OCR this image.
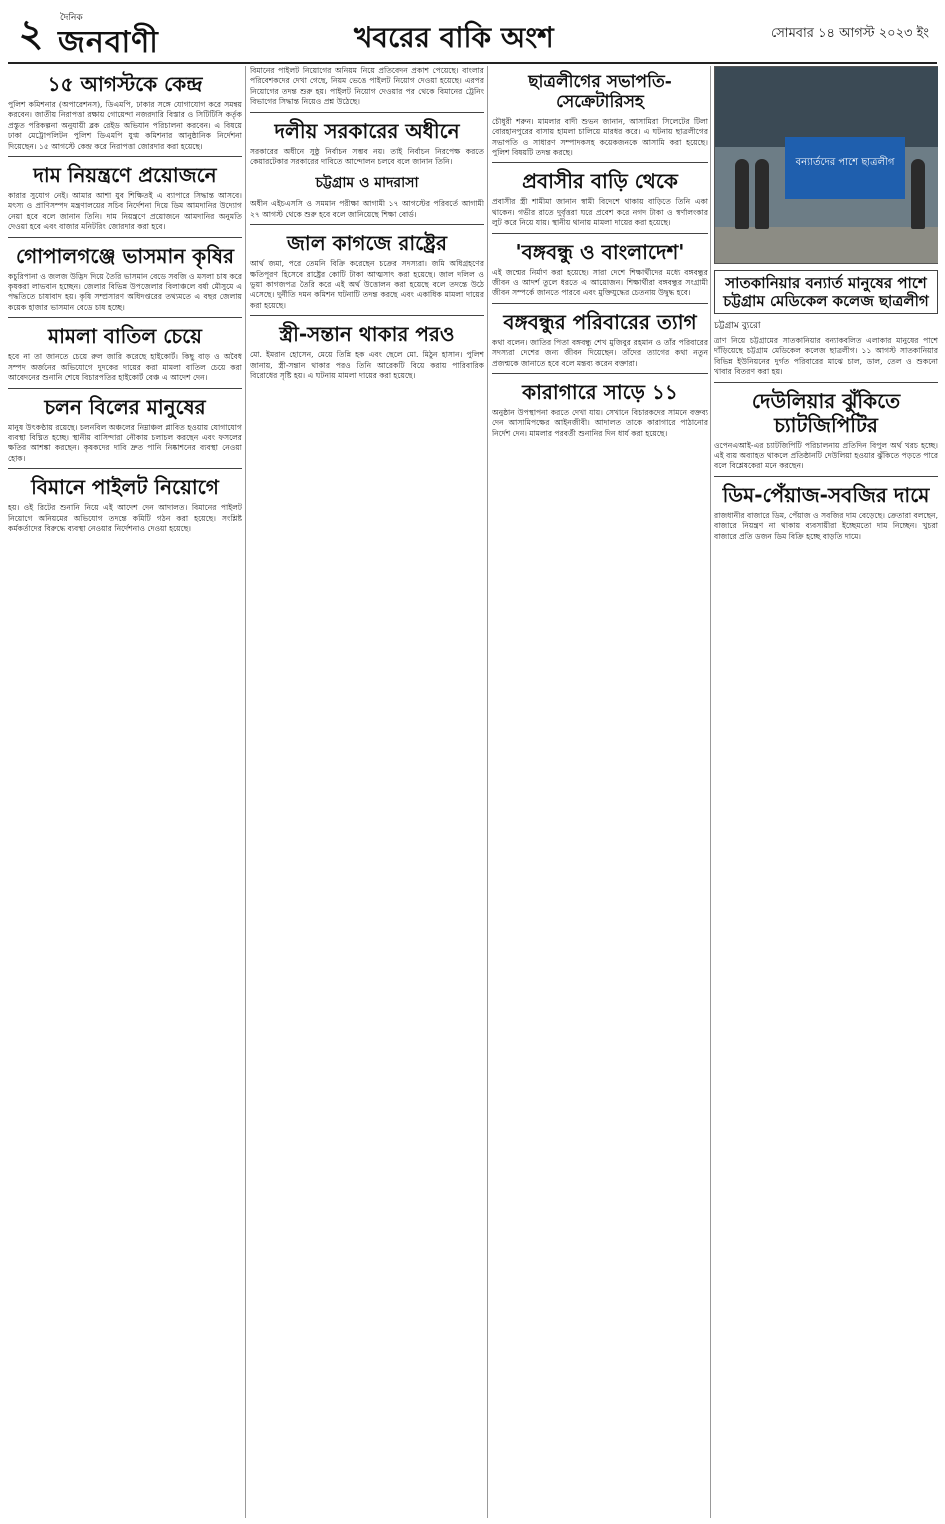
২	দৈনিক
জনবাণী	খবরের বাকি অংশ	সোমবার ১৪ আগস্ট ২০২৩ ইং
১৫ আগস্টকে কেন্দ্র

পুলিশ কমিশনার (অপারেশনস), ডিএমপি, ঢাকার সঙ্গে যোগাযোগ করে সমন্বয় করবেন। জাতীয় নিরাপত্তা রক্ষায় গোয়েন্দা নজরদারি বিস্তার ও সিটিটিসি কর্তৃক প্রস্তুত পরিকল্পনা অনুযায়ী ব্লক রেইড অভিযান পরিচালনা করবেন। এ বিষয়ে ঢাকা মেট্রোপলিটন পুলিশ ডিএমপি যুগ্ম কমিশনার আনুষ্ঠানিক নির্দেশনা দিয়েছেন। ১৫ আগস্টে কেন্দ্র করে নিরাপত্তা জোরদার করা হয়েছে।

দাম নিয়ন্ত্রণে প্রয়োজনে

কারার সুযোগ নেই। আমার আশা যুব শিক্ষিতই এ ব্যাপারে সিদ্ধান্ত আসবে। মৎস্য ও প্রাণিসম্পদ মন্ত্রণালয়ের সচিব নির্দেশনা দিয়ে ডিম আমদানির উদ্যোগ নেয়া হবে বলে জানান তিনি। দাম নিয়ন্ত্রণে প্রয়োজনে আমদানির অনুমতি দেওয়া হবে এবং বাজার মনিটরিং জোরদার করা হবে।

গোপালগঞ্জে ভাসমান কৃষির

কচুরিপানা ও জলজ উদ্ভিদ দিয়ে তৈরি ভাসমান বেডে সবজি ও মসলা চাষ করে কৃষকরা লাভবান হচ্ছেন। জেলার বিভিন্ন উপজেলার বিলাঞ্চলে বর্ষা মৌসুমে এ পদ্ধতিতে চাষাবাদ হয়। কৃষি সম্প্রসারণ অধিদপ্তরের তথ্যমতে এ বছর জেলায় কয়েক হাজার ভাসমান বেডে চাষ হচ্ছে।

মামলা বাতিল চেয়ে

হবে না তা জানতে চেয়ে রুল জারি করেছে হাইকোর্ট। কিছু বাড় ও অবৈধ সম্পদ অর্জনের অভিযোগে দুদকের দায়ের করা মামলা বাতিল চেয়ে করা আবেদনের শুনানি শেষে বিচারপতির হাইকোর্ট বেঞ্চ এ আদেশ দেন।

চলন বিলের মানুষের

মানুষ উৎকণ্ঠায় রয়েছে। চলনবিল অঞ্চলের নিম্নাঞ্চল প্লাবিত হওয়ায় যোগাযোগ ব্যবস্থা বিঘ্নিত হচ্ছে। স্থানীয় বাসিন্দারা নৌকায় চলাচল করছেন এবং ফসলের ক্ষতির আশঙ্কা করছেন। কৃষকদের দাবি দ্রুত পানি নিষ্কাশনের ব্যবস্থা নেওয়া হোক।

বিমানে পাইলট নিয়োগে

হয়। ওই রিটের শুনানি নিয়ে এই আদেশ দেন আদালত। বিমানের পাইলট নিয়োগে অনিয়মের অভিযোগ তদন্তে কমিটি গঠন করা হয়েছে। সংশ্লিষ্ট কর্মকর্তাদের বিরুদ্ধে ব্যবস্থা নেওয়ার নির্দেশনাও দেওয়া হয়েছে।

বিমানের পাইলট নিয়োগের অনিয়ম নিয়ে প্রতিবেদন প্রকাশ পেয়েছে। বাংলার পরিবেশকদের দেখা গেছে, নিয়ম ভেঙে পাইলট নিয়োগ দেওয়া হয়েছে। এরপর নিয়োগের তদন্ত শুরু হয়। পাইলট নিয়োগ দেওয়ার পর থেকে বিমানের ট্রেনিং বিভাগের সিদ্ধান্ত নিয়েও প্রশ্ন উঠেছে।

দলীয় সরকারের অধীনে

সরকারের অধীনে সুষ্ঠু নির্বাচন সম্ভব নয়। তাই নির্বাচন নিরপেক্ষ করতে কেয়ারটেকার সরকারের দাবিতে আন্দোলন চলবে বলে জানান তিনি।

চট্টগ্রাম ও মাদরাসা

অধীন এইচএসসি ও সমমান পরীক্ষা আগামী ১৭ আগস্টের পরিবর্তে আগামী ২৭ আগস্ট থেকে শুরু হবে বলে জানিয়েছে শিক্ষা বোর্ড।

জাল কাগজে রাষ্ট্রের

আর্থ জমা, পরে তেমনি বিক্রি করেছেন চক্রের সদস্যরা। জমি অধিগ্রহণের ক্ষতিপূরণ হিসেবে রাষ্ট্রের কোটি টাকা আত্মসাৎ করা হয়েছে। জাল দলিল ও ভুয়া কাগজপত্র তৈরি করে এই অর্থ উত্তোলন করা হয়েছে বলে তদন্তে উঠে এসেছে। দুর্নীতি দমন কমিশন ঘটনাটি তদন্ত করছে এবং একাধিক মামলা দায়ের করা হয়েছে।

স্ত্রী-সন্তান থাকার পরও

মো. ইমরান হোসেন, মেয়ে তিন্নি হক এবং ছেলে মো. মিঠুন হাসান। পুলিশ জানায়, স্ত্রী-সন্তান থাকার পরও তিনি আরেকটি বিয়ে করায় পারিবারিক বিরোধের সৃষ্টি হয়। এ ঘটনায় মামলা দায়ের করা হয়েছে।

ছাত্রলীগের সভাপতি-সেক্রেটারিসহ

চৌধুরী শরুন। মামলার বাদী শুভন জানান, আসামিরা সিলেটের টিলা বোরহানপুরের বাসায় হামলা চালিয়ে মারধর করে। এ ঘটনায় ছাত্রলীগের সভাপতি ও সাধারণ সম্পাদকসহ কয়েকজনকে আসামি করা হয়েছে। পুলিশ বিষয়টি তদন্ত করছে।

প্রবাসীর বাড়ি থেকে

প্রবাসীর স্ত্রী শামীমা জানান স্বামী বিদেশে থাকায় বাড়িতে তিনি একা থাকেন। গভীর রাতে দুর্বৃত্তরা ঘরে প্রবেশ করে নগদ টাকা ও স্বর্ণালংকার লুট করে নিয়ে যায়। স্থানীয় থানায় মামলা দায়ের করা হয়েছে।

'বঙ্গবন্ধু ও বাংলাদেশ'

এই জন্মের নির্মাণ করা হয়েছে। সারা দেশে শিক্ষার্থীদের মধ্যে বঙ্গবন্ধুর জীবন ও আদর্শ তুলে ধরতে এ আয়োজন। শিক্ষার্থীরা বঙ্গবন্ধুর সংগ্রামী জীবন সম্পর্কে জানতে পারবে এবং মুক্তিযুদ্ধের চেতনায় উদ্বুদ্ধ হবে।

বঙ্গবন্ধুর পরিবারের ত্যাগ

কথা বলেন। জাতির পিতা বঙ্গবন্ধু শেখ মুজিবুর রহমান ও তাঁর পরিবারের সদস্যরা দেশের জন্য জীবন দিয়েছেন। তাঁদের ত্যাগের কথা নতুন প্রজন্মকে জানাতে হবে বলে মন্তব্য করেন বক্তারা।

কারাগারে সাড়ে ১১

অনুষ্ঠান উপস্থাপনা করতে দেখা যায়। সেখানে বিচারকদের সামনে বক্তব্য দেন আসামিপক্ষের আইনজীবী। আদালত তাকে কারাগারে পাঠানোর নির্দেশ দেন। মামলার পরবর্তী শুনানির দিন ধার্য করা হয়েছে।

বন্যার্তদের পাশে ছাত্রলীগ
সাতকানিয়ার বন্যার্ত মানুষের পাশে চট্টগ্রাম মেডিকেল কলেজ ছাত্রলীগ
চট্টগ্রাম ব্যুরো

ত্রাণ নিয়ে চট্টগ্রামের সাতকানিয়ার বন্যাকবলিত এলাকার মানুষের পাশে দাঁড়িয়েছে চট্টগ্রাম মেডিকেল কলেজ ছাত্রলীগ। ১১ আগস্ট সাতকানিয়ার বিভিন্ন ইউনিয়নের দুর্গত পরিবারের মাঝে চাল, ডাল, তেল ও শুকনো খাবার বিতরণ করা হয়।

দেউলিয়ার ঝুঁকিতে চ্যাটজিপিটির

ওপেনএআই-এর চ্যাটজিপিটি পরিচালনায় প্রতিদিন বিপুল অর্থ খরচ হচ্ছে। এই ব্যয় অব্যাহত থাকলে প্রতিষ্ঠানটি দেউলিয়া হওয়ার ঝুঁকিতে পড়তে পারে বলে বিশ্লেষকেরা মনে করছেন।

ডিম-পেঁয়াজ-সবজির দামে

রাজধানীর বাজারে ডিম, পেঁয়াজ ও সবজির দাম বেড়েছে। ক্রেতারা বলছেন, বাজারে নিয়ন্ত্রণ না থাকায় ব্যবসায়ীরা ইচ্ছেমতো দাম নিচ্ছেন। খুচরা বাজারে প্রতি ডজন ডিম বিক্রি হচ্ছে বাড়তি দামে।
